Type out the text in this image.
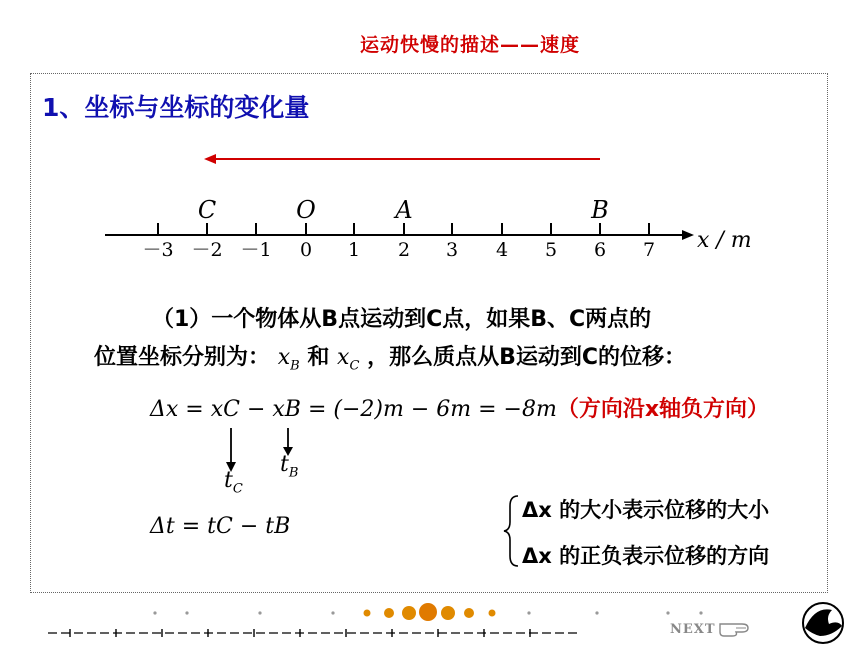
运动快慢的描述——速度
1、坐标与坐标的变化量
－3 －2 －1 0 1 2 3 4 5 6 7
C	O	A	B
x / m
（1）一个物体从B点运动到C点，如果B、C两点的
位置坐标分别为： $x_B$ 和 $x_C$ ，那么质点从B运动到C的位移：
Δx = xC − xB = (−2)m − 6m = −8m（方向沿x轴负方向）
$t_B$
$t_C$
Δt = tC − tB
Δx 的大小表示位移的大小
Δx 的正负表示位移的方向
NEXT
